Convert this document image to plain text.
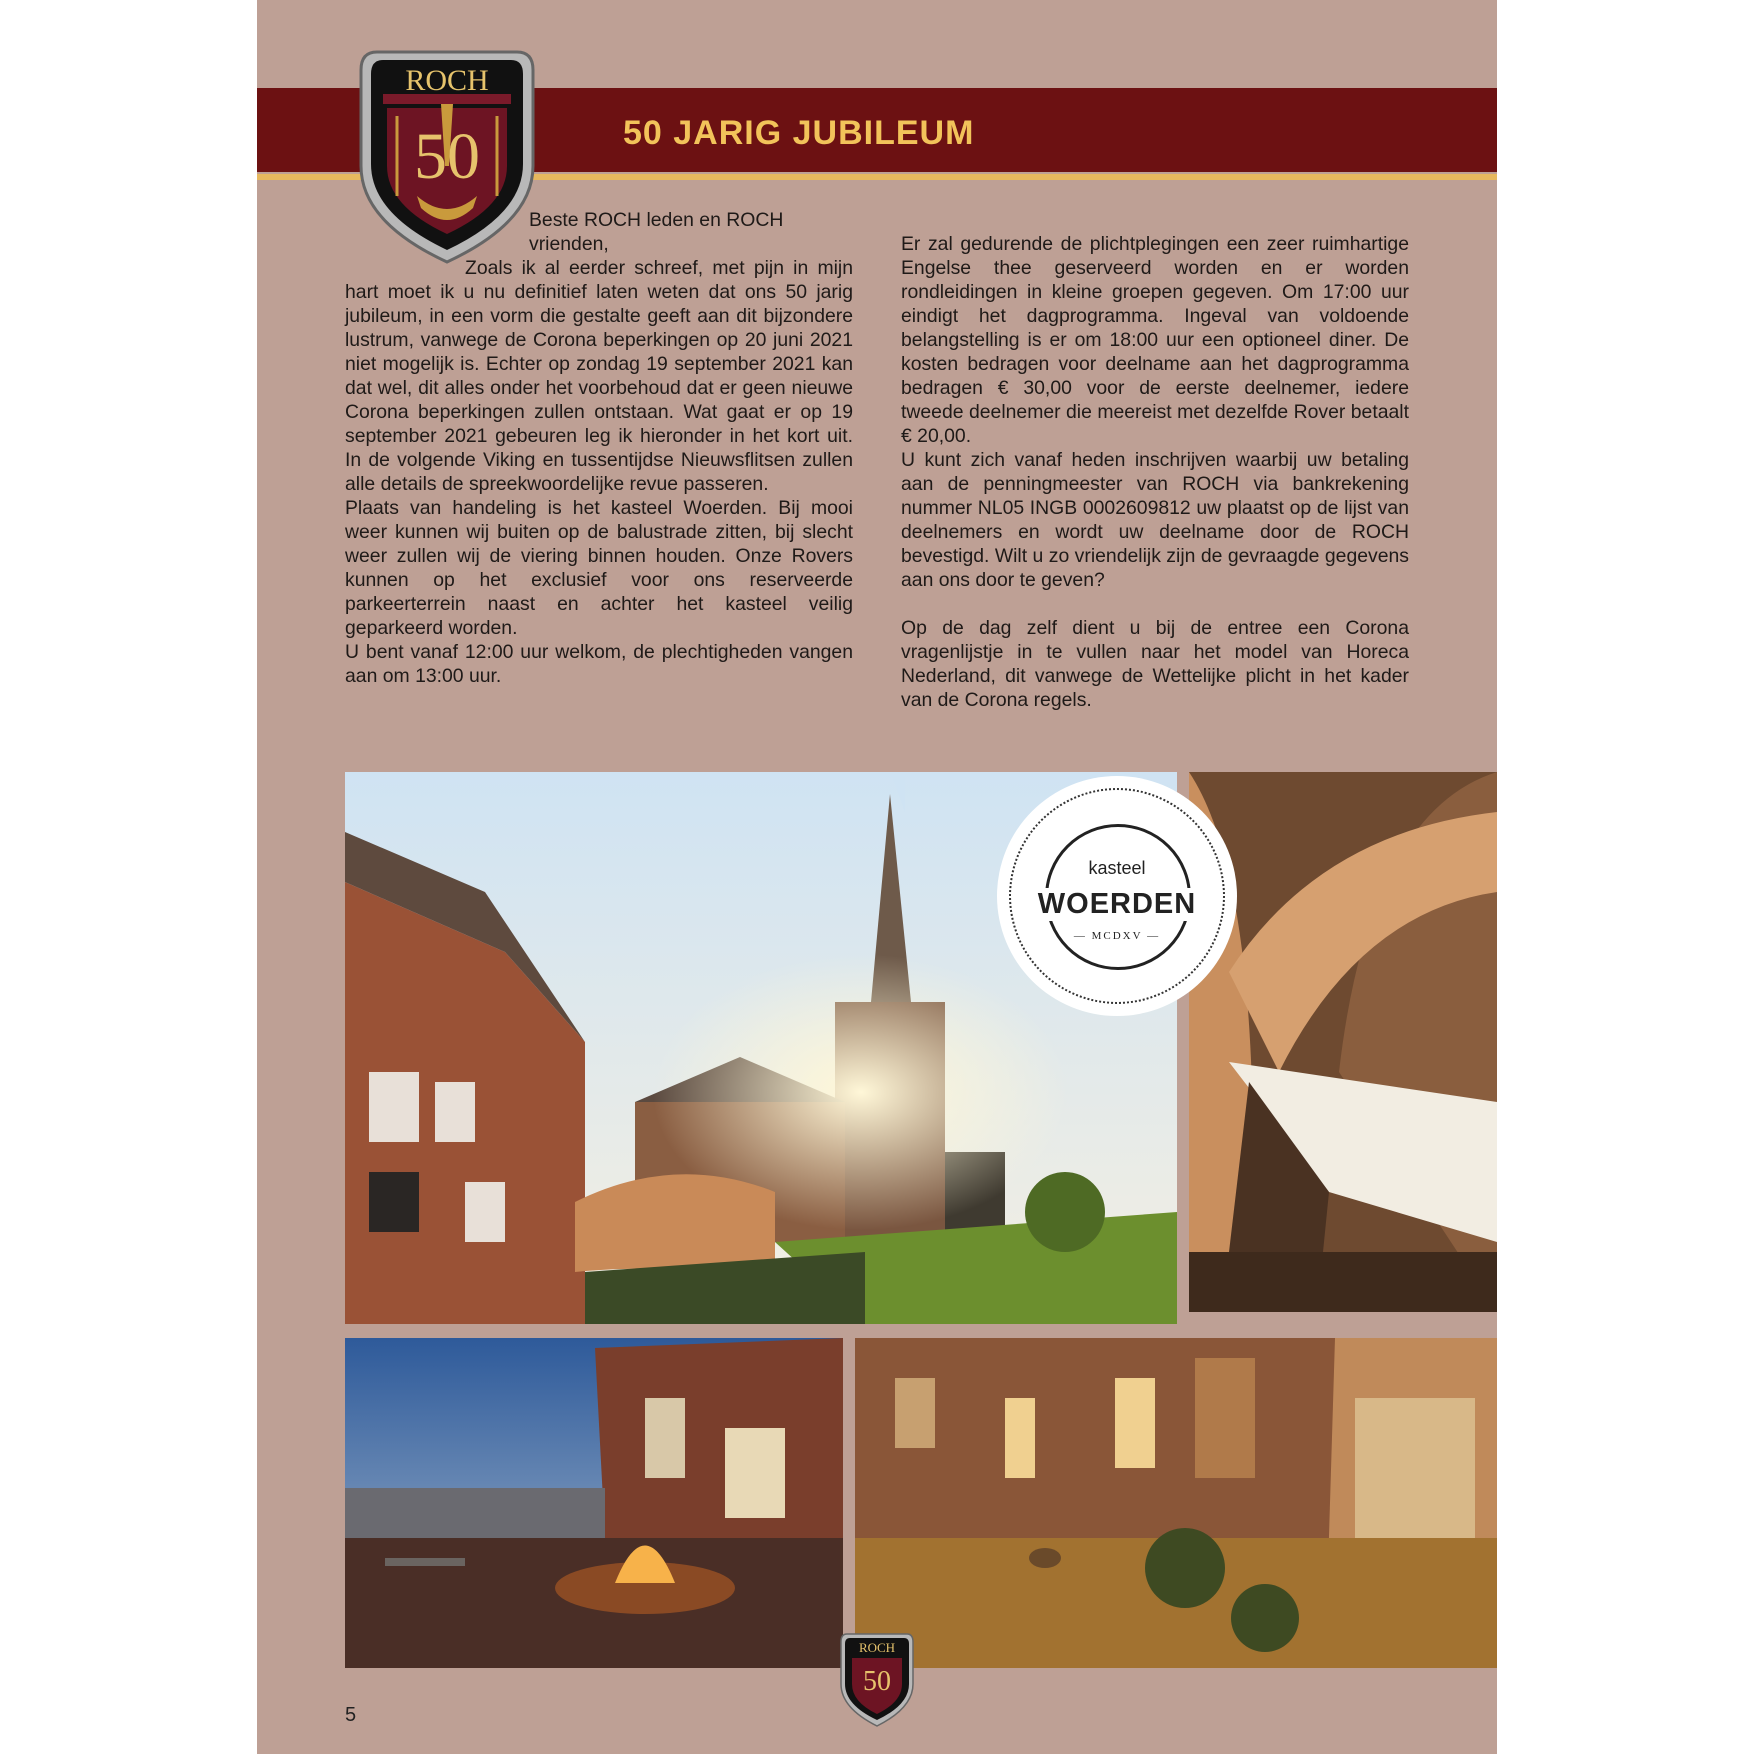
50 JARIG JUBILEUM
ROCH
50
Beste ROCH leden en ROCH
vrienden,

Zoals ik al eerder schreef, met pijn in mijn hart moet ik u nu definitief laten weten dat ons 50 jarig jubileum, in een vorm die gestalte geeft aan dit bijzondere lustrum, vanwege de Corona beperkingen op 20 juni 2021 niet mogelijk is. Echter op zondag 19 september 2021 kan dat wel, dit alles onder het voorbehoud dat er geen nieuwe Corona beperkingen zullen ontstaan. Wat gaat er op 19 september 2021 gebeuren leg ik hieronder in het kort uit. In de volgende Viking en tussentijdse Nieuwsflitsen zullen alle details de spreekwoordelijke revue passeren.

Plaats van handeling is het kasteel Woerden. Bij mooi weer kunnen wij buiten op de balustrade zitten, bij slecht weer zullen wij de viering binnen houden. Onze Rovers kunnen op het exclusief voor ons reserveerde parkeerterrein naast en achter het kasteel veilig geparkeerd worden.

U bent vanaf 12:00 uur welkom, de plechtigheden vangen aan om 13:00 uur.

Er zal gedurende de plichtplegingen een zeer ruimhartige Engelse thee geserveerd worden en er worden rondleidingen in kleine groepen gegeven. Om 17:00 uur eindigt het dagprogramma. Ingeval van voldoende belangstelling is er om 18:00 uur een optioneel diner. De kosten bedragen voor deelname aan het dagprogramma bedragen € 30,00 voor de eerste deelnemer, iedere tweede deelnemer die meereist met dezelfde Rover betaalt € 20,00.

U kunt zich vanaf heden inschrijven waarbij uw betaling aan de penningmeester van ROCH via bankrekening nummer NL05 INGB 0002609812 uw plaatst op de lijst van deelnemers en wordt uw deelname door de ROCH bevestigd. Wilt u zo vriendelijk zijn de gevraagde gegevens aan ons door te geven?

Op de dag zelf dient u bij de entree een Corona vragenlijstje in te vullen naar het model van Horeca Nederland, dit vanwege de Wettelijke plicht in het kader van de Corona regels.

kasteel
WOERDEN
— MCDXV —
5
ROCH
50
